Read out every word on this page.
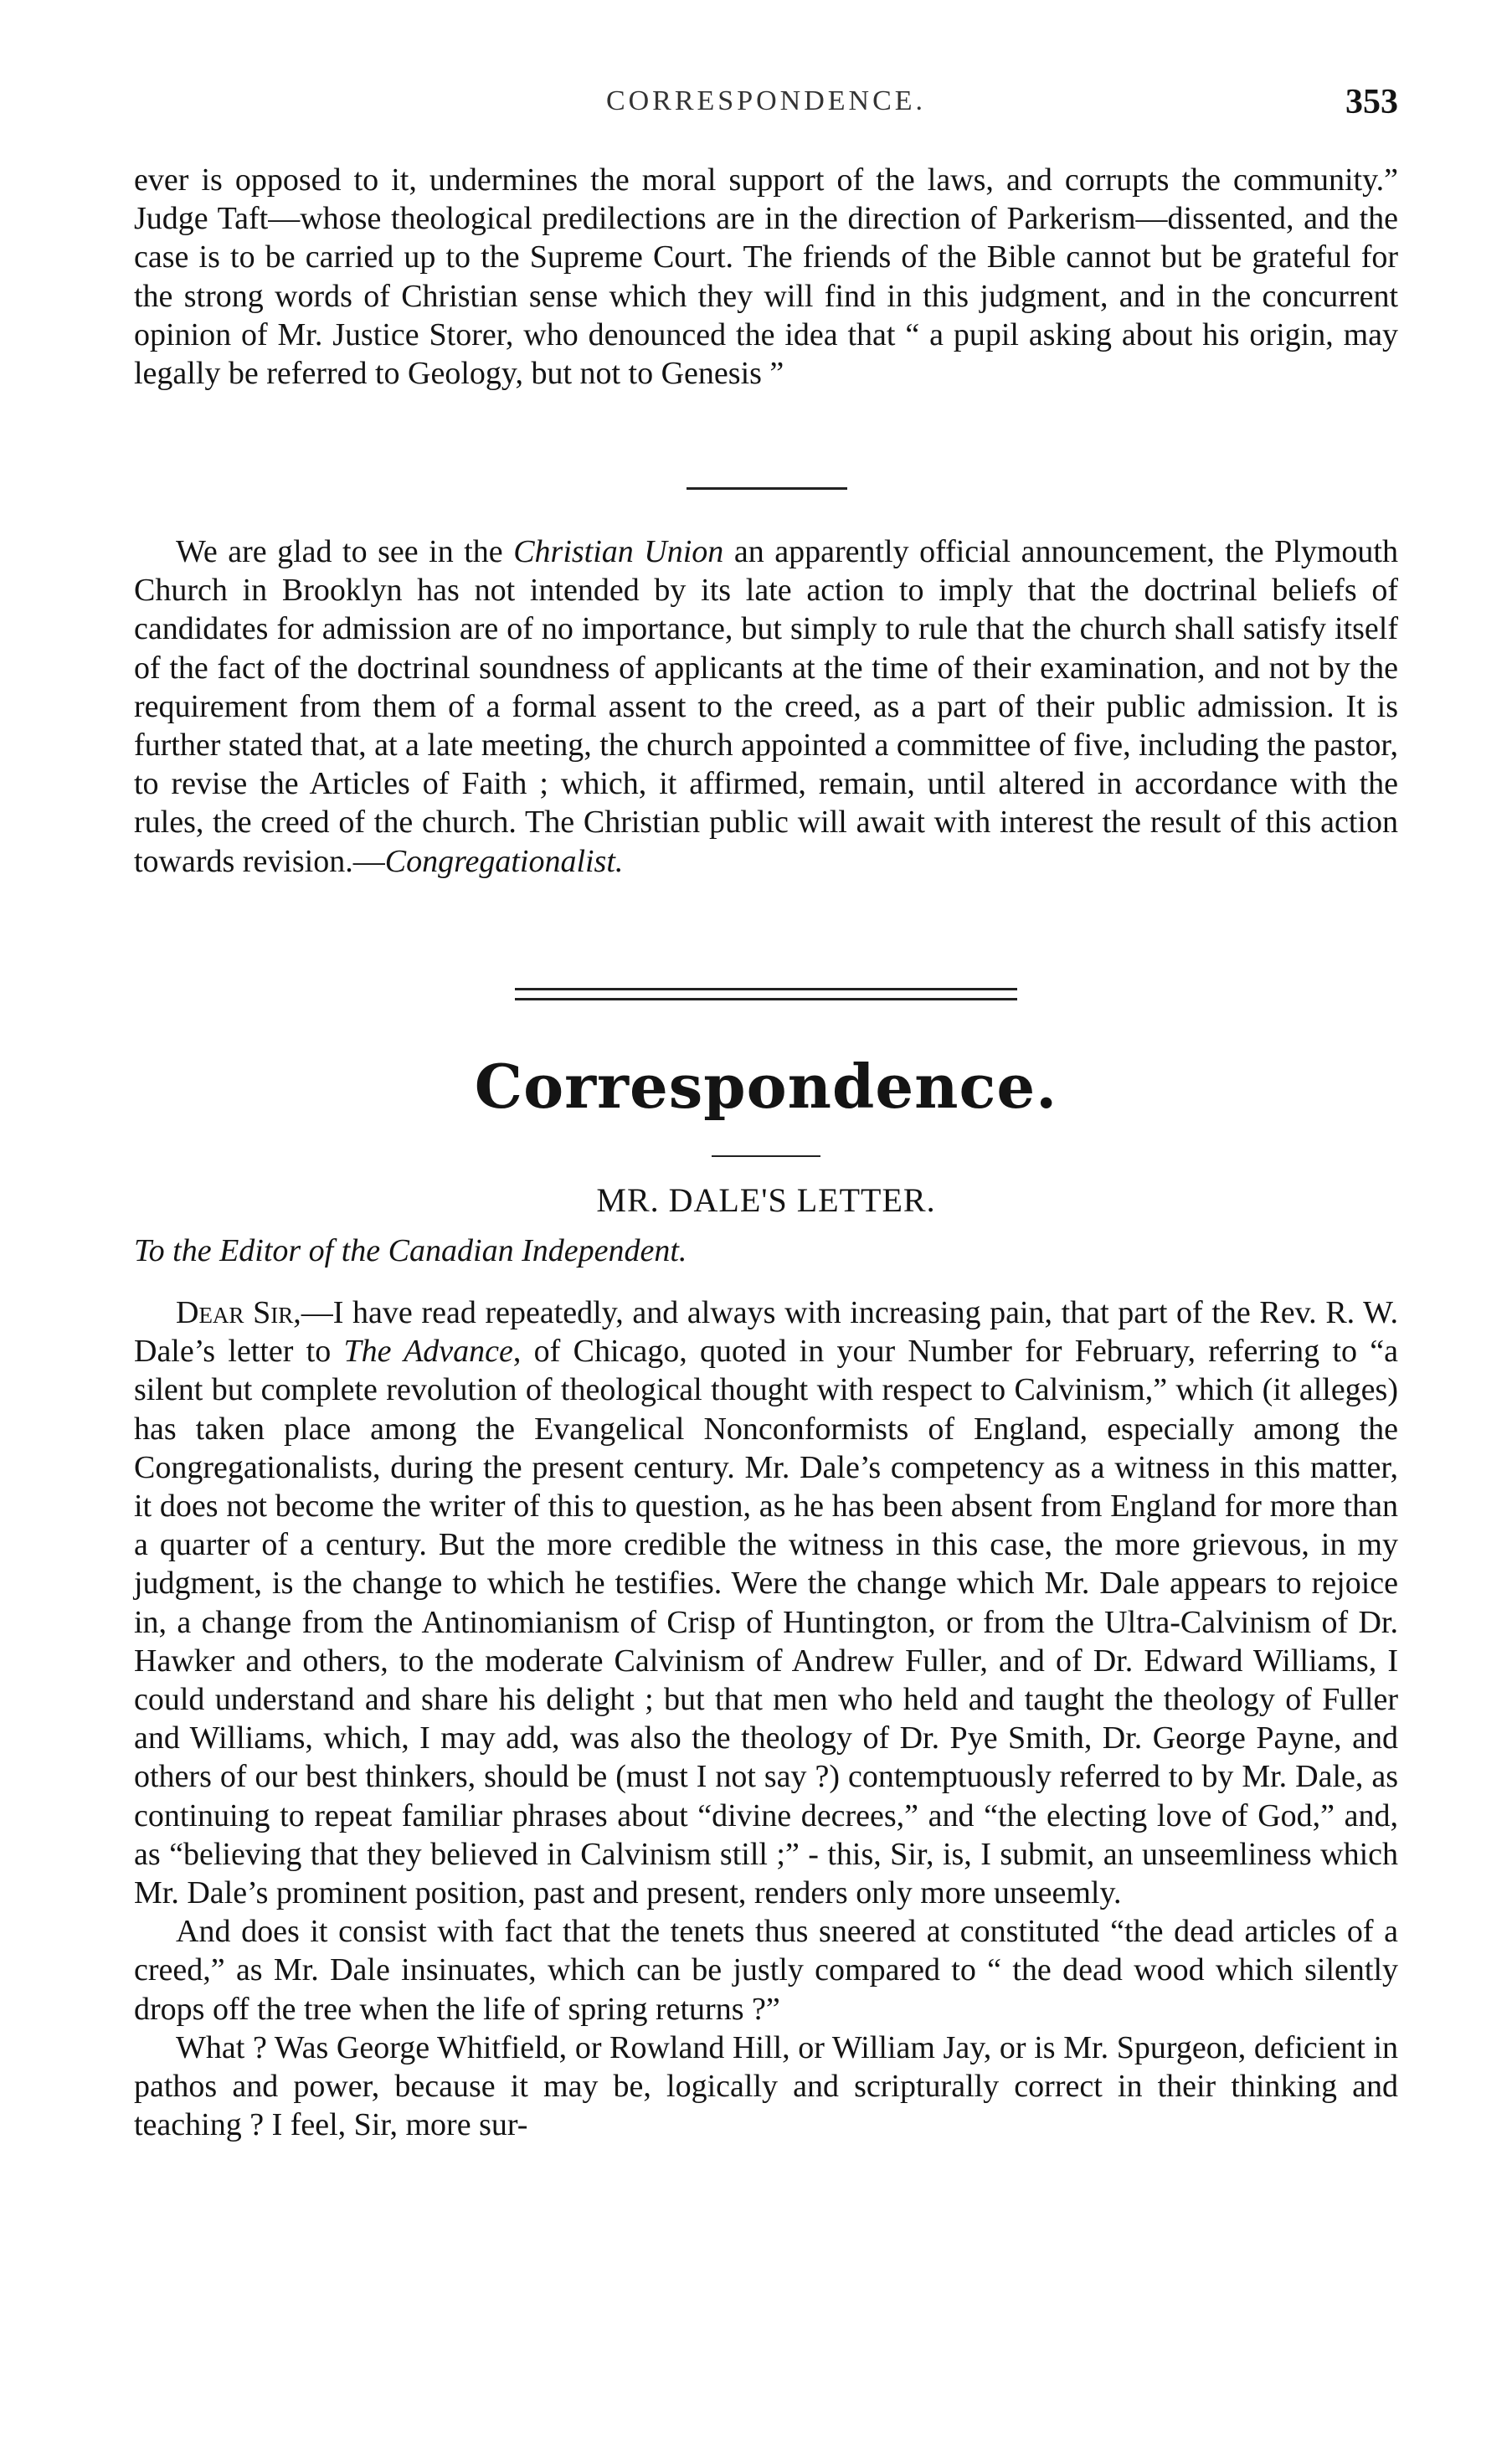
CORRESPONDENCE.	353

ever is opposed to it, undermines the moral support of the laws, and corrupts the community.” Judge Taft—whose theological predilections are in the direction of Parkerism—dissented, and the case is to be carried up to the Supreme Court. The friends of the Bible cannot but be grateful for the strong words of Christian sense which they will find in this judgment, and in the concurrent opinion of Mr. Justice Storer, who denounced the idea that “ a pupil asking about his origin, may legally be referred to Geology, but not to Genesis ”

We are glad to see in the Christian Union an apparently official announcement, the Plymouth Church in Brooklyn has not intended by its late action to imply that the doctrinal beliefs of candidates for admission are of no importance, but simply to rule that the church shall satisfy itself of the fact of the doctrinal soundness of applicants at the time of their examination, and not by the requirement from them of a formal assent to the creed, as a part of their public admission. It is further stated that, at a late meeting, the church appointed a committee of five, including the pastor, to revise the Articles of Faith ; which, it affirmed, remain, until altered in accordance with the rules, the creed of the church. The Christian public will await with interest the result of this action towards revision.—Congregationalist.

Correspondence.
MR. DALE'S LETTER.
To the Editor of the Canadian Independent.

Dear Sir,—I have read repeatedly, and always with increasing pain, that part of the Rev. R. W. Dale’s letter to The Advance, of Chicago, quoted in your Number for February, referring to “a silent but complete revolution of theological thought with respect to Calvinism,” which (it alleges) has taken place among the Evangelical Nonconformists of England, especially among the Congregationalists, during the present century. Mr. Dale’s competency as a witness in this matter, it does not become the writer of this to question, as he has been absent from England for more than a quarter of a century. But the more credible the witness in this case, the more grievous, in my judgment, is the change to which he testifies. Were the change which Mr. Dale appears to rejoice in, a change from the Antinomianism of Crisp of Huntington, or from the Ultra-Calvinism of Dr. Hawker and others, to the moderate Calvinism of Andrew Fuller, and of Dr. Edward Williams, I could understand and share his delight ; but that men who held and taught the theology of Fuller and Williams, which, I may add, was also the theology of Dr. Pye Smith, Dr. George Payne, and others of our best thinkers, should be (must I not say ?) contemptuously referred to by Mr. Dale, as continuing to repeat familiar phrases about “divine decrees,” and “the electing love of God,” and, as “believing that they believed in Calvinism still ;” - this, Sir, is, I submit, an unseemliness which Mr. Dale’s prominent position, past and present, renders only more unseemly.

And does it consist with fact that the tenets thus sneered at constituted “the dead articles of a creed,” as Mr. Dale insinuates, which can be justly compared to “ the dead wood which silently drops off the tree when the life of spring returns ?”

What ? Was George Whitfield, or Rowland Hill, or William Jay, or is Mr. Spurgeon, deficient in pathos and power, because it may be, logically and scripturally correct in their thinking and teaching ? I feel, Sir, more sur-
